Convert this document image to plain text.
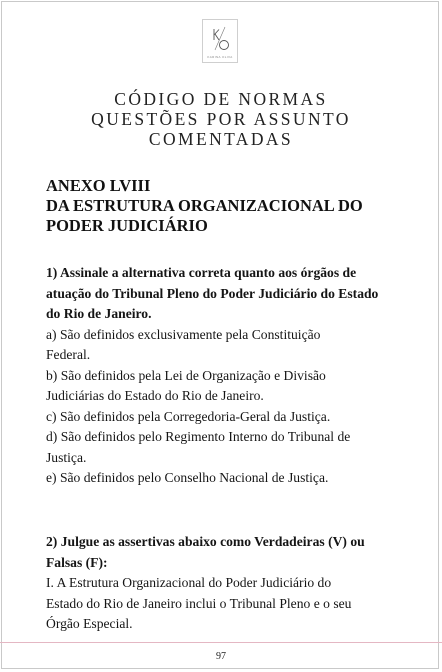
KARINA OLIVA
CÓDIGO DE NORMAS
QUESTÕES POR ASSUNTO
COMENTADAS
ANEXO LVIII
DA ESTRUTURA ORGANIZACIONAL DO
PODER JUDICIÁRIO
1) Assinale a alternativa correta quanto aos órgãos de
atuação do Tribunal Pleno do Poder Judiciário do Estado
do Rio de Janeiro.
a) São definidos exclusivamente pela Constituição
Federal.
b) São definidos pela Lei de Organização e Divisão
Judiciárias do Estado do Rio de Janeiro.
c) São definidos pela Corregedoria-Geral da Justiça.
d) São definidos pelo Regimento Interno do Tribunal de
Justiça.
e) São definidos pelo Conselho Nacional de Justiça.
2) Julgue as assertivas abaixo como Verdadeiras (V) ou
Falsas (F):
I. A Estrutura Organizacional do Poder Judiciário do
Estado do Rio de Janeiro inclui o Tribunal Pleno e o seu
Órgão Especial.
97
